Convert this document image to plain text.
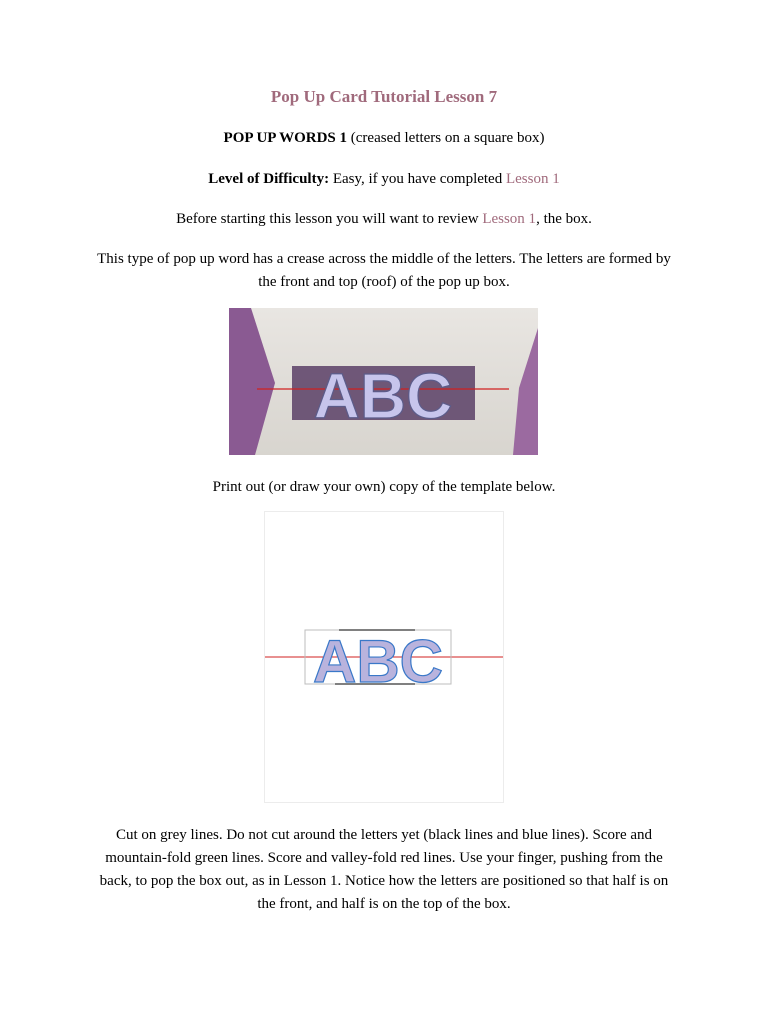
Pop Up Card Tutorial Lesson 7
POP UP WORDS 1 (creased letters on a square box)
Level of Difficulty: Easy, if you have completed Lesson 1
Before starting this lesson you will want to review Lesson 1, the box.
This type of pop up word has a crease across the middle of the letters. The letters are formed by the front and top (roof) of the pop up box.
ABC
Print out (or draw your own) copy of the template below.
ABC
Cut on grey lines. Do not cut around the letters yet (black lines and blue lines). Score and mountain-fold green lines. Score and valley-fold red lines. Use your finger, pushing from the back, to pop the box out, as in Lesson 1. Notice how the letters are positioned so that half is on the front, and half is on the top of the box.
